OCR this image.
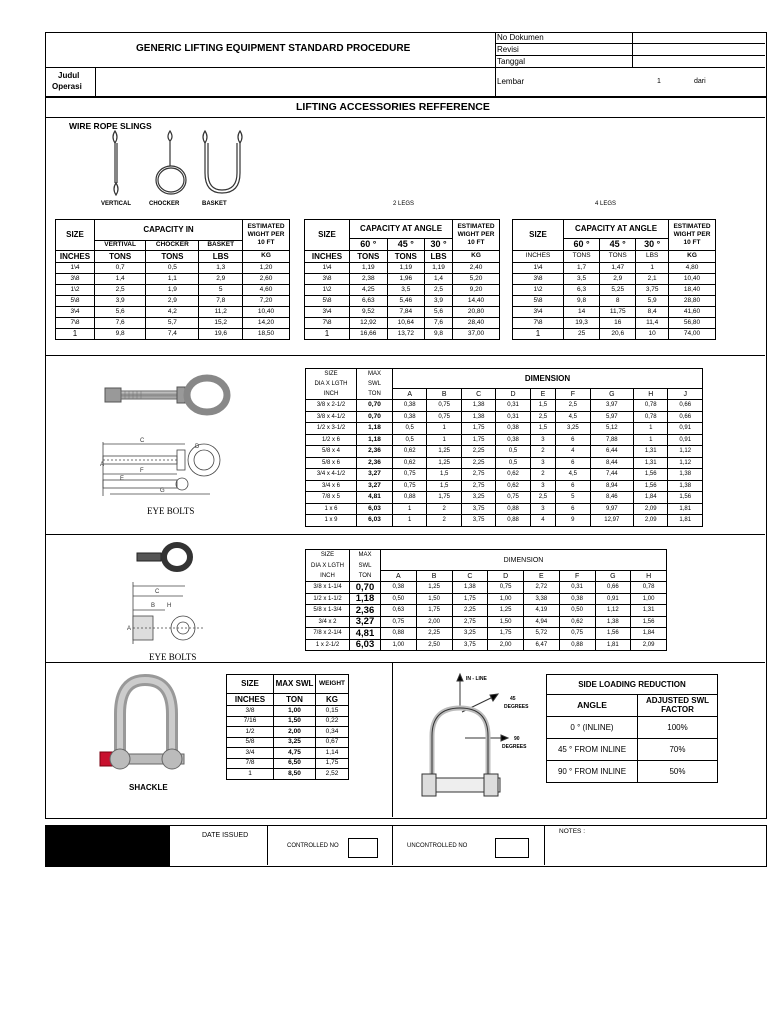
GENERIC LIFTING EQUIPMENT STANDARD PROCEDURE
No Dokumen
Revisi
Tanggal
Judul
Operasi
Lembar	1	dari
LIFTING ACCESSORIES REFFERENCE
WIRE ROPE SLINGS
VERTICAL	CHOCKER	BASKET	2 LEGS	4 LEGS
SIZE	CAPACITY IN			ESTIMATED
WIGHT PER
10 FT
	VERTIVAL	CHOCKER	BASKET	
INCHES	TONS	TONS	LBS	KG
1\4	0,7	0,5	1,3	1,20
3\8	1,4	1,1	2,9	2,60
1\2	2,5	1,9	5	4,60
5\8	3,9	2,9	7,8	7,20
3\4	5,6	4,2	11,2	10,40
7\8	7,6	5,7	15,2	14,20
1	9,8	7,4	19,6	18,50
SIZE	CAPACITY AT ANGLE			ESTIMATED
WIGHT PER
10 FT
	60 °	45 °	30 °	
INCHES	TONS	TONS	LBS	KG
1\4	1,19	1,19	1,19	2,40
3\8	2,38	1,96	1,4	5,20
1\2	4,25	3,5	2,5	9,20
5\8	6,63	5,46	3,9	14,40
3\4	9,52	7,84	5,6	20,80
7\8	12,92	10,64	7,6	28,40
1	16,66	13,72	9,8	37,00
SIZE	CAPACITY AT ANGLE			ESTIMATED
WIGHT PER
10 FT
	60 °	45 °	30 °	
INCHES	TONS	TONS	LBS	KG
1\4	1,7	1,47	1	4,80
3\8	3,5	2,9	2,1	10,40
1\2	6,3	5,25	3,75	18,40
5\8	9,8	8	5,9	28,80
3\4	14	11,75	8,4	41,60
7\8	19,3	16	11,4	56,80
1	25	20,6	10	74,00
C
F
D
E
A
G
EYE BOLTS
SIZE	MAX	DIMENSION								
DIA X LGTH	SWL									
INCH	TON	A	B	C	D	E	F	G	H	J
3/8 x 2-1/2	0,70	0,38	0,75	1,38	0,31	1,5	2,5	3,97	0,78	0,66
3/8 x 4-1/2	0,70	0,38	0,75	1,38	0,31	2,5	4,5	5,97	0,78	0,66
1/2 x 3-1/2	1,18	0,5	1	1,75	0,38	1,5	3,25	5,12	1	0,91
1/2 x 6	1,18	0,5	1	1,75	0,38	3	6	7,88	1	0,91
5/8 x 4	2,36	0,62	1,25	2,25	0,5	2	4	6,44	1,31	1,12
5/8 x 6	2,36	0,62	1,25	2,25	0,5	3	6	8,44	1,31	1,12
3/4 x 4-1/2	3,27	0,75	1,5	2,75	0,62	2	4,5	7,44	1,56	1,38
3/4 x 6	3,27	0,75	1,5	2,75	0,62	3	6	8,94	1,56	1,38
7/8 x 5	4,81	0,88	1,75	3,25	0,75	2,5	5	8,46	1,84	1,56
1 x 6	6,03	1	2	3,75	0,88	3	6	9,97	2,09	1,81
1 x 9	6,03	1	2	3,75	0,88	4	9	12,97	2,09	1,81
C
B H
A
EYE BOLTS
SIZE	MAX	DIMENSION							
DIA X LGTH	SWL								
INCH	TON	A	B	C	D	E	F	G	H
3/8 x 1-1/4	0,70	0,38	1,25	1,38	0,75	2,72	0,31	0,66	0,78
1/2 x 1-1/2	1,18	0,50	1,50	1,75	1,00	3,38	0,38	0,91	1,00
5/8 x 1-3/4	2,36	0,63	1,75	2,25	1,25	4,19	0,50	1,12	1,31
3/4 x 2	3,27	0,75	2,00	2,75	1,50	4,94	0,62	1,38	1,56
7/8 x 2-1/4	4,81	0,88	2,25	3,25	1,75	5,72	0,75	1,56	1,84
1 x 2-1/2	6,03	1,00	2,50	3,75	2,00	6,47	0,88	1,81	2,09
SHACKLE
SIZE	MAX SWL	WEIGHT
INCHES	TON	KG
3/8	1,00	0,15
7/16	1,50	0,22
1/2	2,00	0,34
5/8	3,25	0,67
3/4	4,75	1,14
7/8	6,50	1,75
1	8,50	2,52
IN - LINE
45
DEGREES
90
DEGREES
SIDE LOADING REDUCTION	
ANGLE	ADJUSTED SWL
FACTOR
0 ° (INLINE)	100%
45 ° FROM INLINE	70%
90 ° FROM INLINE	50%
DATE ISSUED
CONTROLLED NO	UNCONTROLLED NO
NOTES :
